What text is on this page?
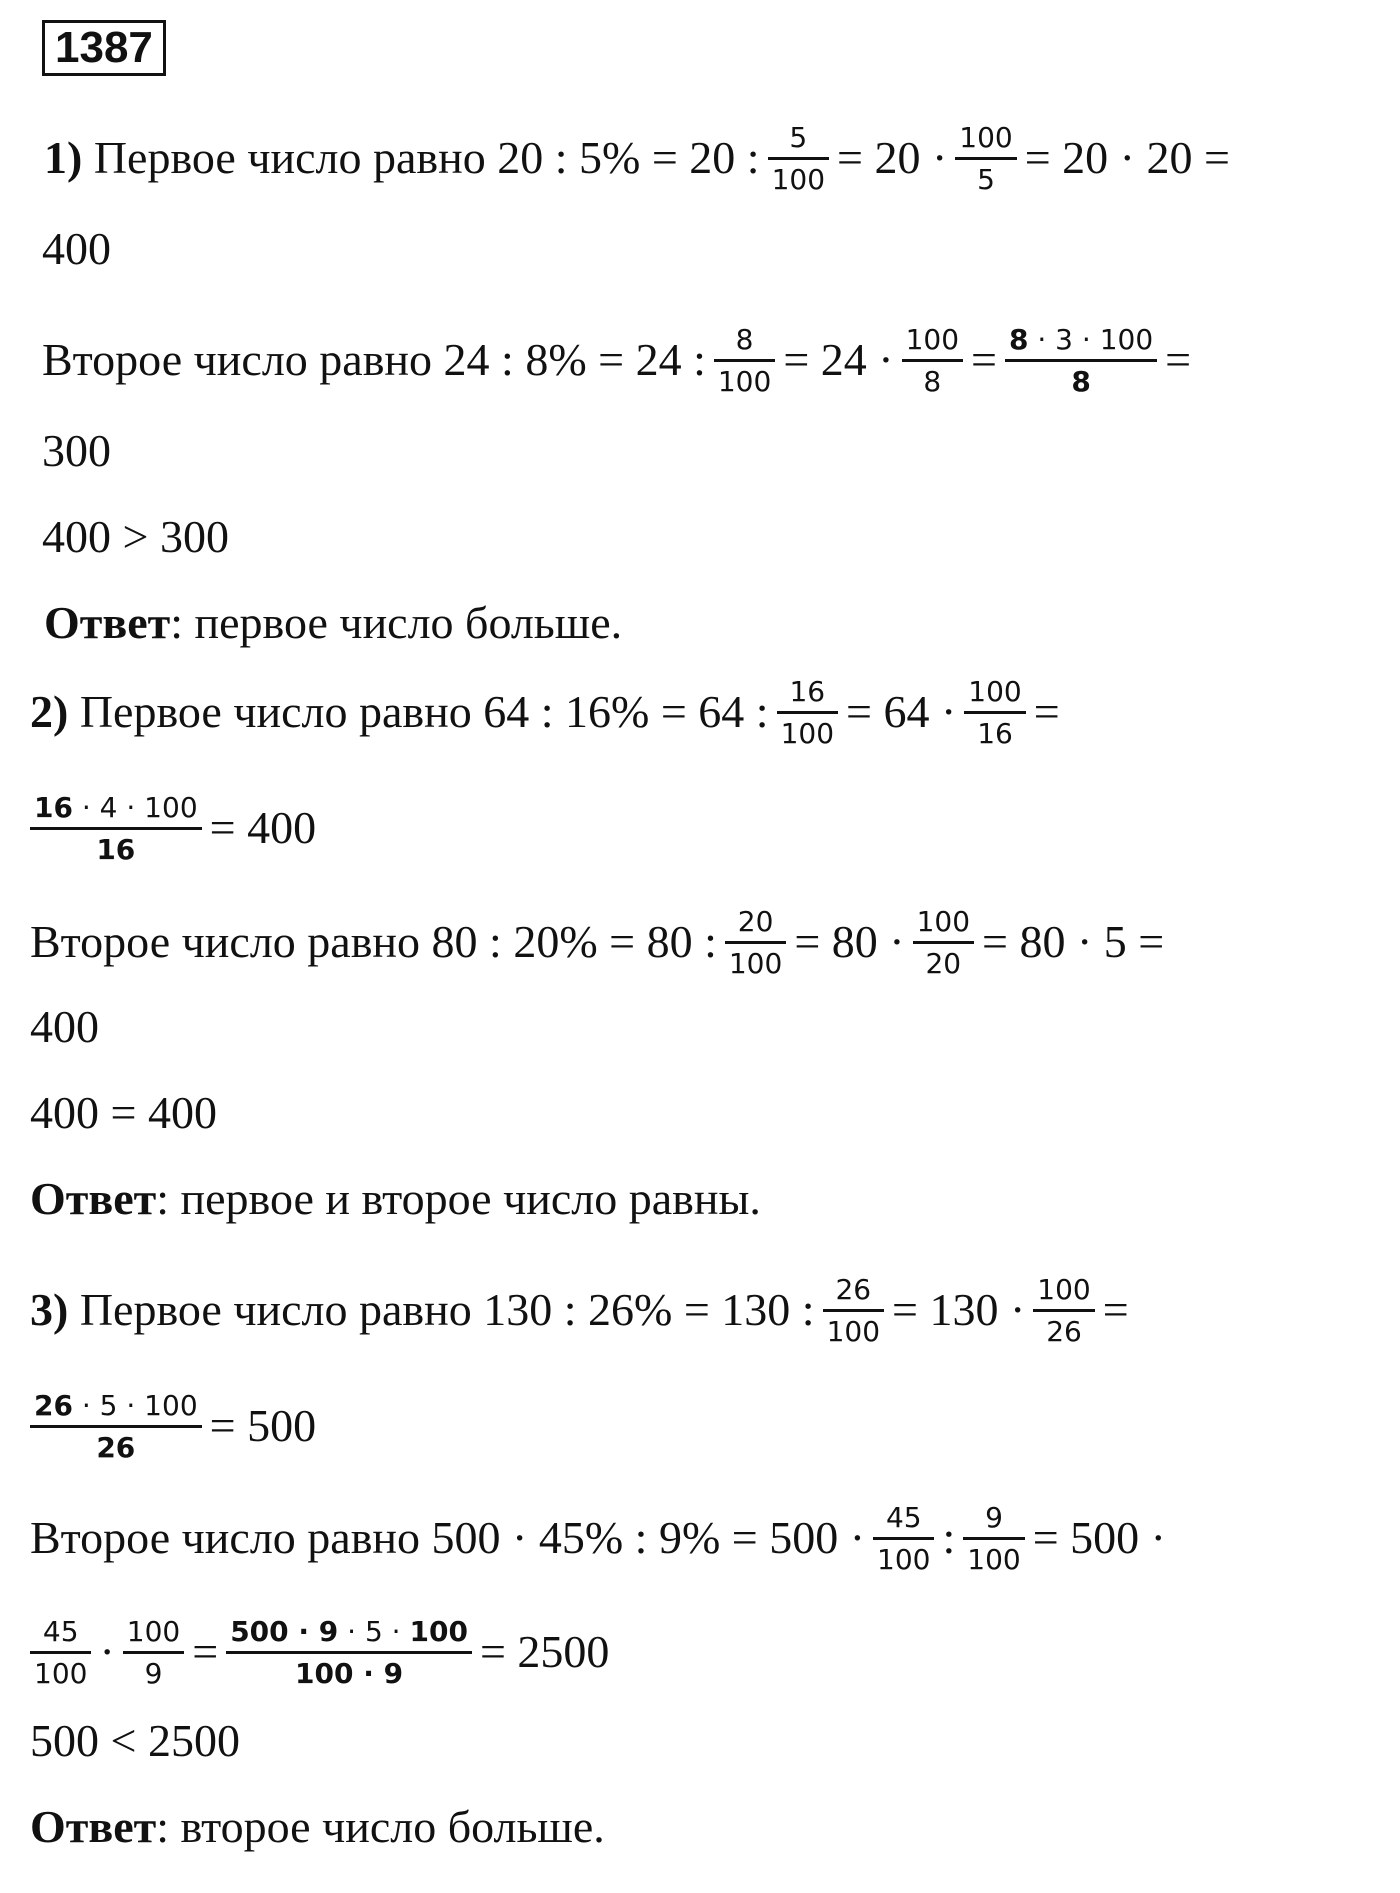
1387
1) Первое число равно 20 : 5% = 20 : $\frac{5}{100} = 20 \cdot \frac{100}{5} = 20 \cdot 20$ =
400
Второе число равно 24 : 8% = 24 : $\frac{8}{100} = 24 \cdot \frac{100}{8} = \frac{8 \cdot 3 \cdot 100}{8}$ =
300
400 > 300
Ответ: первое число больше.
2) Первое число равно 64 : 16% = 64 : $\frac{16}{100} = 64 \cdot \frac{100}{16}$ =
$\frac{16 \cdot 4 \cdot 100}{16} = 400$
Второе число равно 80 : 20% = 80 : $\frac{20}{100} = 80 \cdot \frac{100}{20} = 80 \cdot 5$ =
400
400 = 400
Ответ: первое и второе число равны.
3) Первое число равно 130 : 26% = 130 : $\frac{26}{100} = 130 \cdot \frac{100}{26}$ =
$\frac{26 \cdot 5 \cdot 100}{26} = 500$
Второе число равно 500 · 45% : $9\% = 500 \cdot \frac{45}{100}$ : $\frac{9}{100} = 500$ ·
$\frac{45}{100} \cdot \frac{100}{9} = \frac{500 \cdot 9 \cdot 5 \cdot 100}{100 \cdot 9} = 2500$
500 < 2500
Ответ: второе число больше.
